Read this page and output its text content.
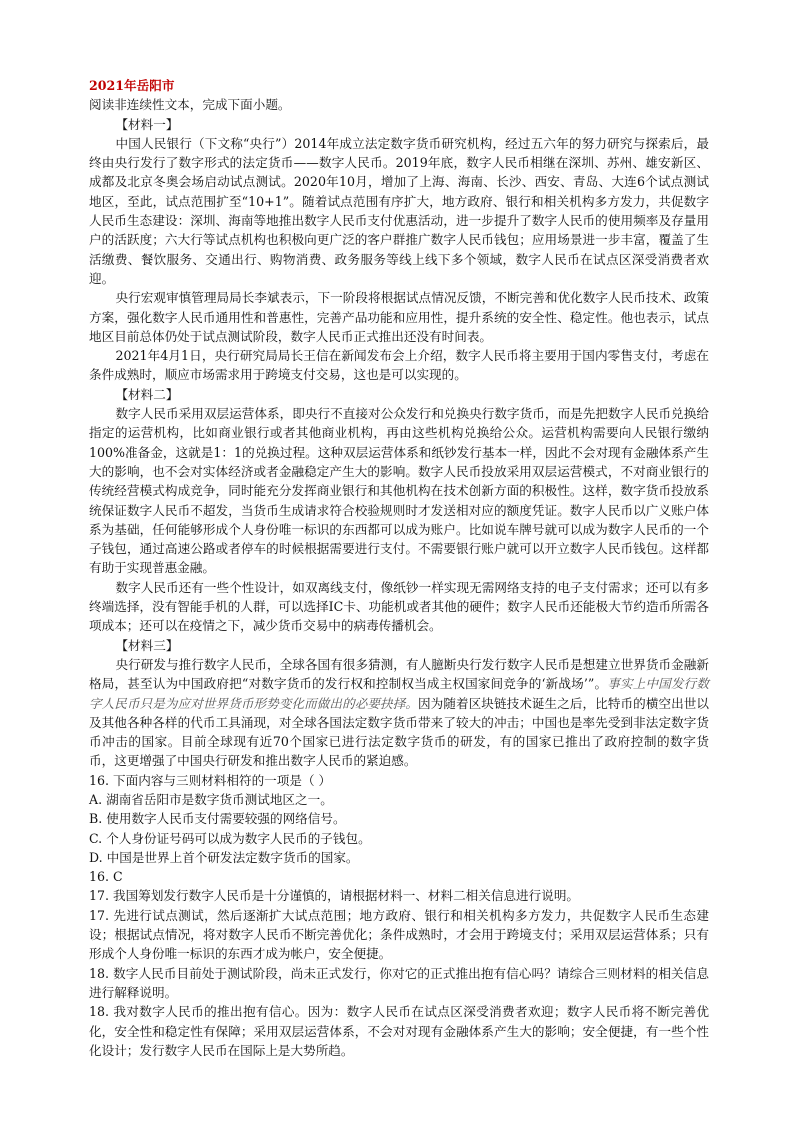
2021年岳阳市

阅读非连续性文本，完成下面小题。

【材料一】

中国人民银行（下文称“央行”）2014年成立法定数字货币研究机构，经过五六年的努力研究与探索后，最终由央行发行了数字形式的法定货币——数字人民币。2019年底，数字人民币相继在深圳、苏州、雄安新区、成都及北京冬奥会场启动试点测试。2020年10月，增加了上海、海南、长沙、西安、青岛、大连6个试点测试地区，至此，试点范围扩至“10+1”。随着试点范围有序扩大，地方政府、银行和相关机构多方发力，共促数字人民币生态建设：深圳、海南等地推出数字人民币支付优惠活动，进一步提升了数字人民币的使用频率及存量用户的活跃度；六大行等试点机构也积极向更广泛的客户群推广数字人民币钱包；应用场景进一步丰富，覆盖了生活缴费、餐饮服务、交通出行、购物消费、政务服务等线上线下多个领域，数字人民币在试点区深受消费者欢迎。

央行宏观审慎管理局局长李斌表示，下一阶段将根据试点情况反馈，不断完善和优化数字人民币技术、政策方案，强化数字人民币通用性和普惠性，完善产品功能和应用性，提升系统的安全性、稳定性。他也表示，试点地区目前总体仍处于试点测试阶段，数字人民币正式推出还没有时间表。

2021年4月1日，央行研究局局长王信在新闻发布会上介绍，数字人民币将主要用于国内零售支付，考虑在条件成熟时，顺应市场需求用于跨境支付交易，这也是可以实现的。

【材料二】

数字人民币采用双层运营体系，即央行不直接对公众发行和兑换央行数字货币，而是先把数字人民币兑换给指定的运营机构，比如商业银行或者其他商业机构，再由这些机构兑换给公众。运营机构需要向人民银行缴纳100%准备金，这就是1：1的兑换过程。这种双层运营体系和纸钞发行基本一样，因此不会对现有金融体系产生大的影响，也不会对实体经济或者金融稳定产生大的影响。数字人民币投放采用双层运营模式，不对商业银行的传统经营模式构成竞争，同时能充分发挥商业银行和其他机构在技术创新方面的积极性。这样，数字货币投放系统保证数字人民币不超发，当货币生成请求符合校验规则时才发送相对应的额度凭证。数字人民币以广义账户体系为基础，任何能够形成个人身份唯一标识的东西都可以成为账户。比如说车牌号就可以成为数字人民币的一个子钱包，通过高速公路或者停车的时候根据需要进行支付。不需要银行账户就可以开立数字人民币钱包。这样都有助于实现普惠金融。

数字人民币还有一些个性设计，如双离线支付，像纸钞一样实现无需网络支持的电子支付需求；还可以有多终端选择，没有智能手机的人群，可以选择IC卡、功能机或者其他的硬件；数字人民币还能极大节约造币所需各项成本；还可以在疫情之下，减少货币交易中的病毒传播机会。

【材料三】

央行研发与推行数字人民币，全球各国有很多猜测，有人臆断央行发行数字人民币是想建立世界货币金融新格局，甚至认为中国政府把“对数字货币的发行权和控制权当成主权国家间竞争的‘新战场’”。事实上中国发行数字人民币只是为应对世界货币形势变化而做出的必要抉择。因为随着区块链技术诞生之后，比特币的横空出世以及其他各种各样的代币工具涌现，对全球各国法定数字货币带来了较大的冲击；中国也是率先受到非法定数字货币冲击的国家。目前全球现有近70个国家已进行法定数字货币的研发，有的国家已推出了政府控制的数字货币，这更增强了中国央行研发和推出数字人民币的紧迫感。

16. 下面内容与三则材料相符的一项是（ ）

A. 湖南省岳阳市是数字货币测试地区之一。

B. 使用数字人民币支付需要较强的网络信号。

C. 个人身份证号码可以成为数字人民币的子钱包。

D. 中国是世界上首个研发法定数字货币的国家。

16. C

17. 我国筹划发行数字人民币是十分谨慎的，请根据材料一、材料二相关信息进行说明。

17. 先进行试点测试，然后逐渐扩大试点范围；地方政府、银行和相关机构多方发力，共促数字人民币生态建设；根据试点情况，将对数字人民币不断完善优化；条件成熟时，才会用于跨境支付；采用双层运营体系；只有形成个人身份唯一标识的东西才成为帐户，安全便捷。

18. 数字人民币目前处于测试阶段，尚未正式发行，你对它的正式推出抱有信心吗？请综合三则材料的相关信息进行解释说明。

18. 我对数字人民币的推出抱有信心。因为：数字人民币在试点区深受消费者欢迎；数字人民币将不断完善优化，安全性和稳定性有保障；采用双层运营体系，不会对对现有金融体系产生大的影响；安全便捷，有一些个性化设计；发行数字人民币在国际上是大势所趋。
